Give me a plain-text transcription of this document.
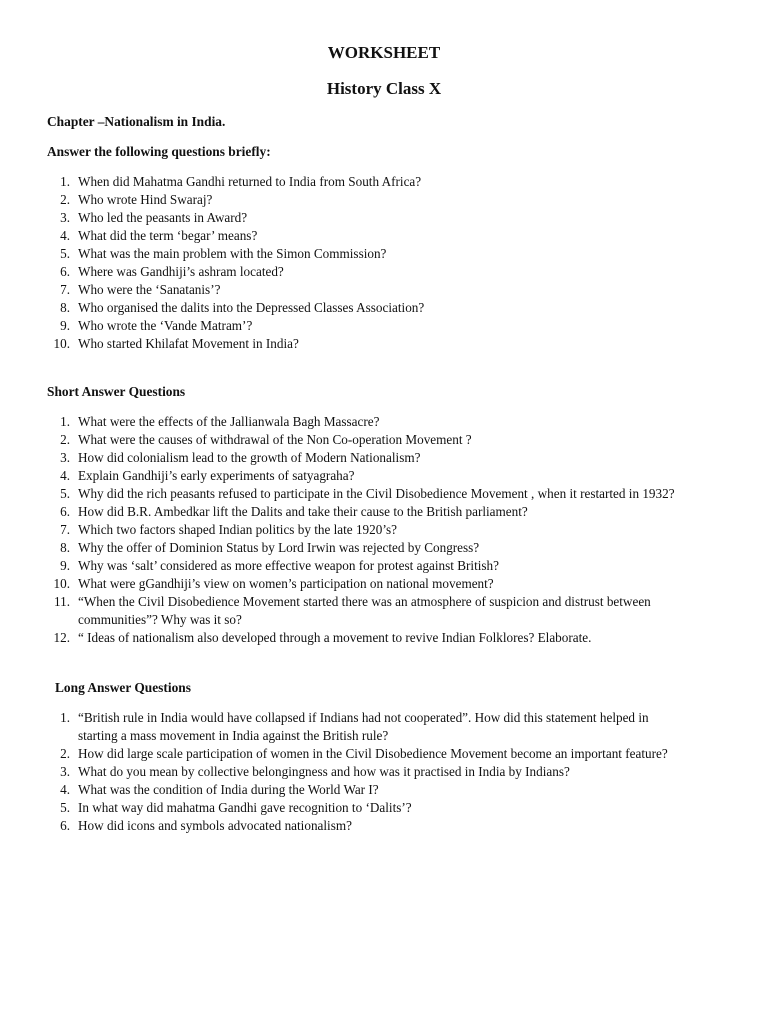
WORKSHEET
History Class X
Chapter –Nationalism in India.
Answer the following questions briefly:
1. When did Mahatma Gandhi returned to India from South Africa?
2. Who wrote Hind Swaraj?
3. Who led the peasants in Award?
4. What did the term ‘begar’ means?
5. What was the main problem with the Simon Commission?
6. Where was Gandhiji’s ashram located?
7. Who were the ‘Sanatanis’?
8. Who organised the dalits into the Depressed Classes Association?
9. Who wrote the ‘Vande Matram’?
10. Who started Khilafat Movement in India?
Short Answer Questions
1. What were the effects of the Jallianwala Bagh Massacre?
2. What were the causes of withdrawal of the Non Co-operation Movement ?
3. How did colonialism lead to the growth of Modern Nationalism?
4. Explain Gandhiji’s early experiments of satyagraha?
5. Why did the rich peasants refused to participate in the Civil Disobedience Movement , when it restarted in 1932?
6. How did B.R. Ambedkar lift the Dalits and take their cause to the British parliament?
7. Which two factors shaped Indian politics by the late 1920’s?
8. Why the offer of Dominion Status by Lord Irwin was rejected by Congress?
9. Why was ‘salt’ considered as more effective weapon for protest against British?
10. What were gGandhiji’s view on women’s participation on national movement?
11. “When the Civil Disobedience Movement started there was an atmosphere of suspicion and distrust between communities”? Why was it so?
12. “ Ideas of nationalism also developed through a movement to revive Indian Folklores? Elaborate.
Long Answer Questions
1. “British rule in India would have collapsed if Indians had not cooperated”. How did this statement helped in starting a mass movement in India against the British rule?
2. How did large scale participation of women in the Civil Disobedience Movement become an important feature?
3. What do you mean by collective belongingness and how was it practised in India by Indians?
4. What was the condition of India during the World War I?
5. In what way did mahatma Gandhi gave recognition to ‘Dalits’?
6. How did icons and symbols advocated nationalism?
